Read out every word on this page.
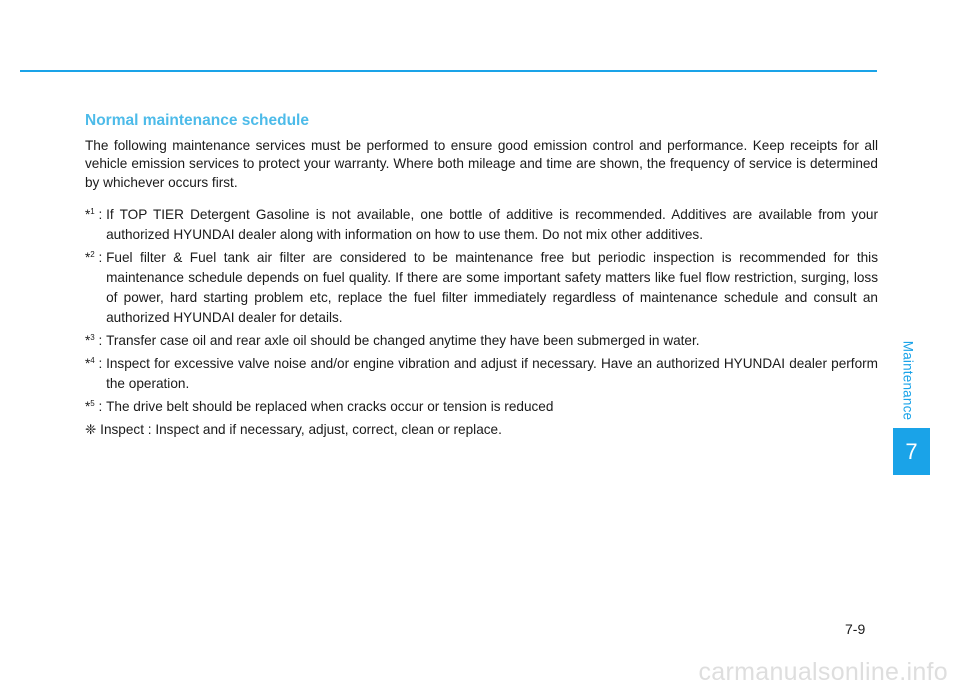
Maintenance
7
Normal maintenance schedule

The following maintenance services must be performed to ensure good emission control and performance. Keep receipts for all vehicle emission services to protect your warranty. Where both mileage and time are shown, the frequency of service is determined by whichever occurs first.

*$^1$ : If TOP TIER Detergent Gasoline is not available, one bottle of additive is recommended. Additives are available from your authorized HYUNDAI dealer along with information on how to use them. Do not mix other additives.
*$^2$ : Fuel filter & Fuel tank air filter are considered to be maintenance free but periodic inspection is recommended for this maintenance schedule depends on fuel quality. If there are some important safety matters like fuel flow restriction, surging, loss of power, hard starting problem etc, replace the fuel filter immediately regardless of maintenance schedule and consult an authorized HYUNDAI dealer for details.
*$^3$ : Transfer case oil and rear axle oil should be changed anytime they have been submerged in water.
*$^4$ : Inspect for excessive valve noise and/or engine vibration and adjust if necessary. Have an authorized HYUNDAI dealer perform the operation.
*$^5$ : The drive belt should be replaced when cracks occur or tension is reduced
❈ Inspect : Inspect and if necessary, adjust, correct, clean or replace.
7-9
carmanualsonline.info
